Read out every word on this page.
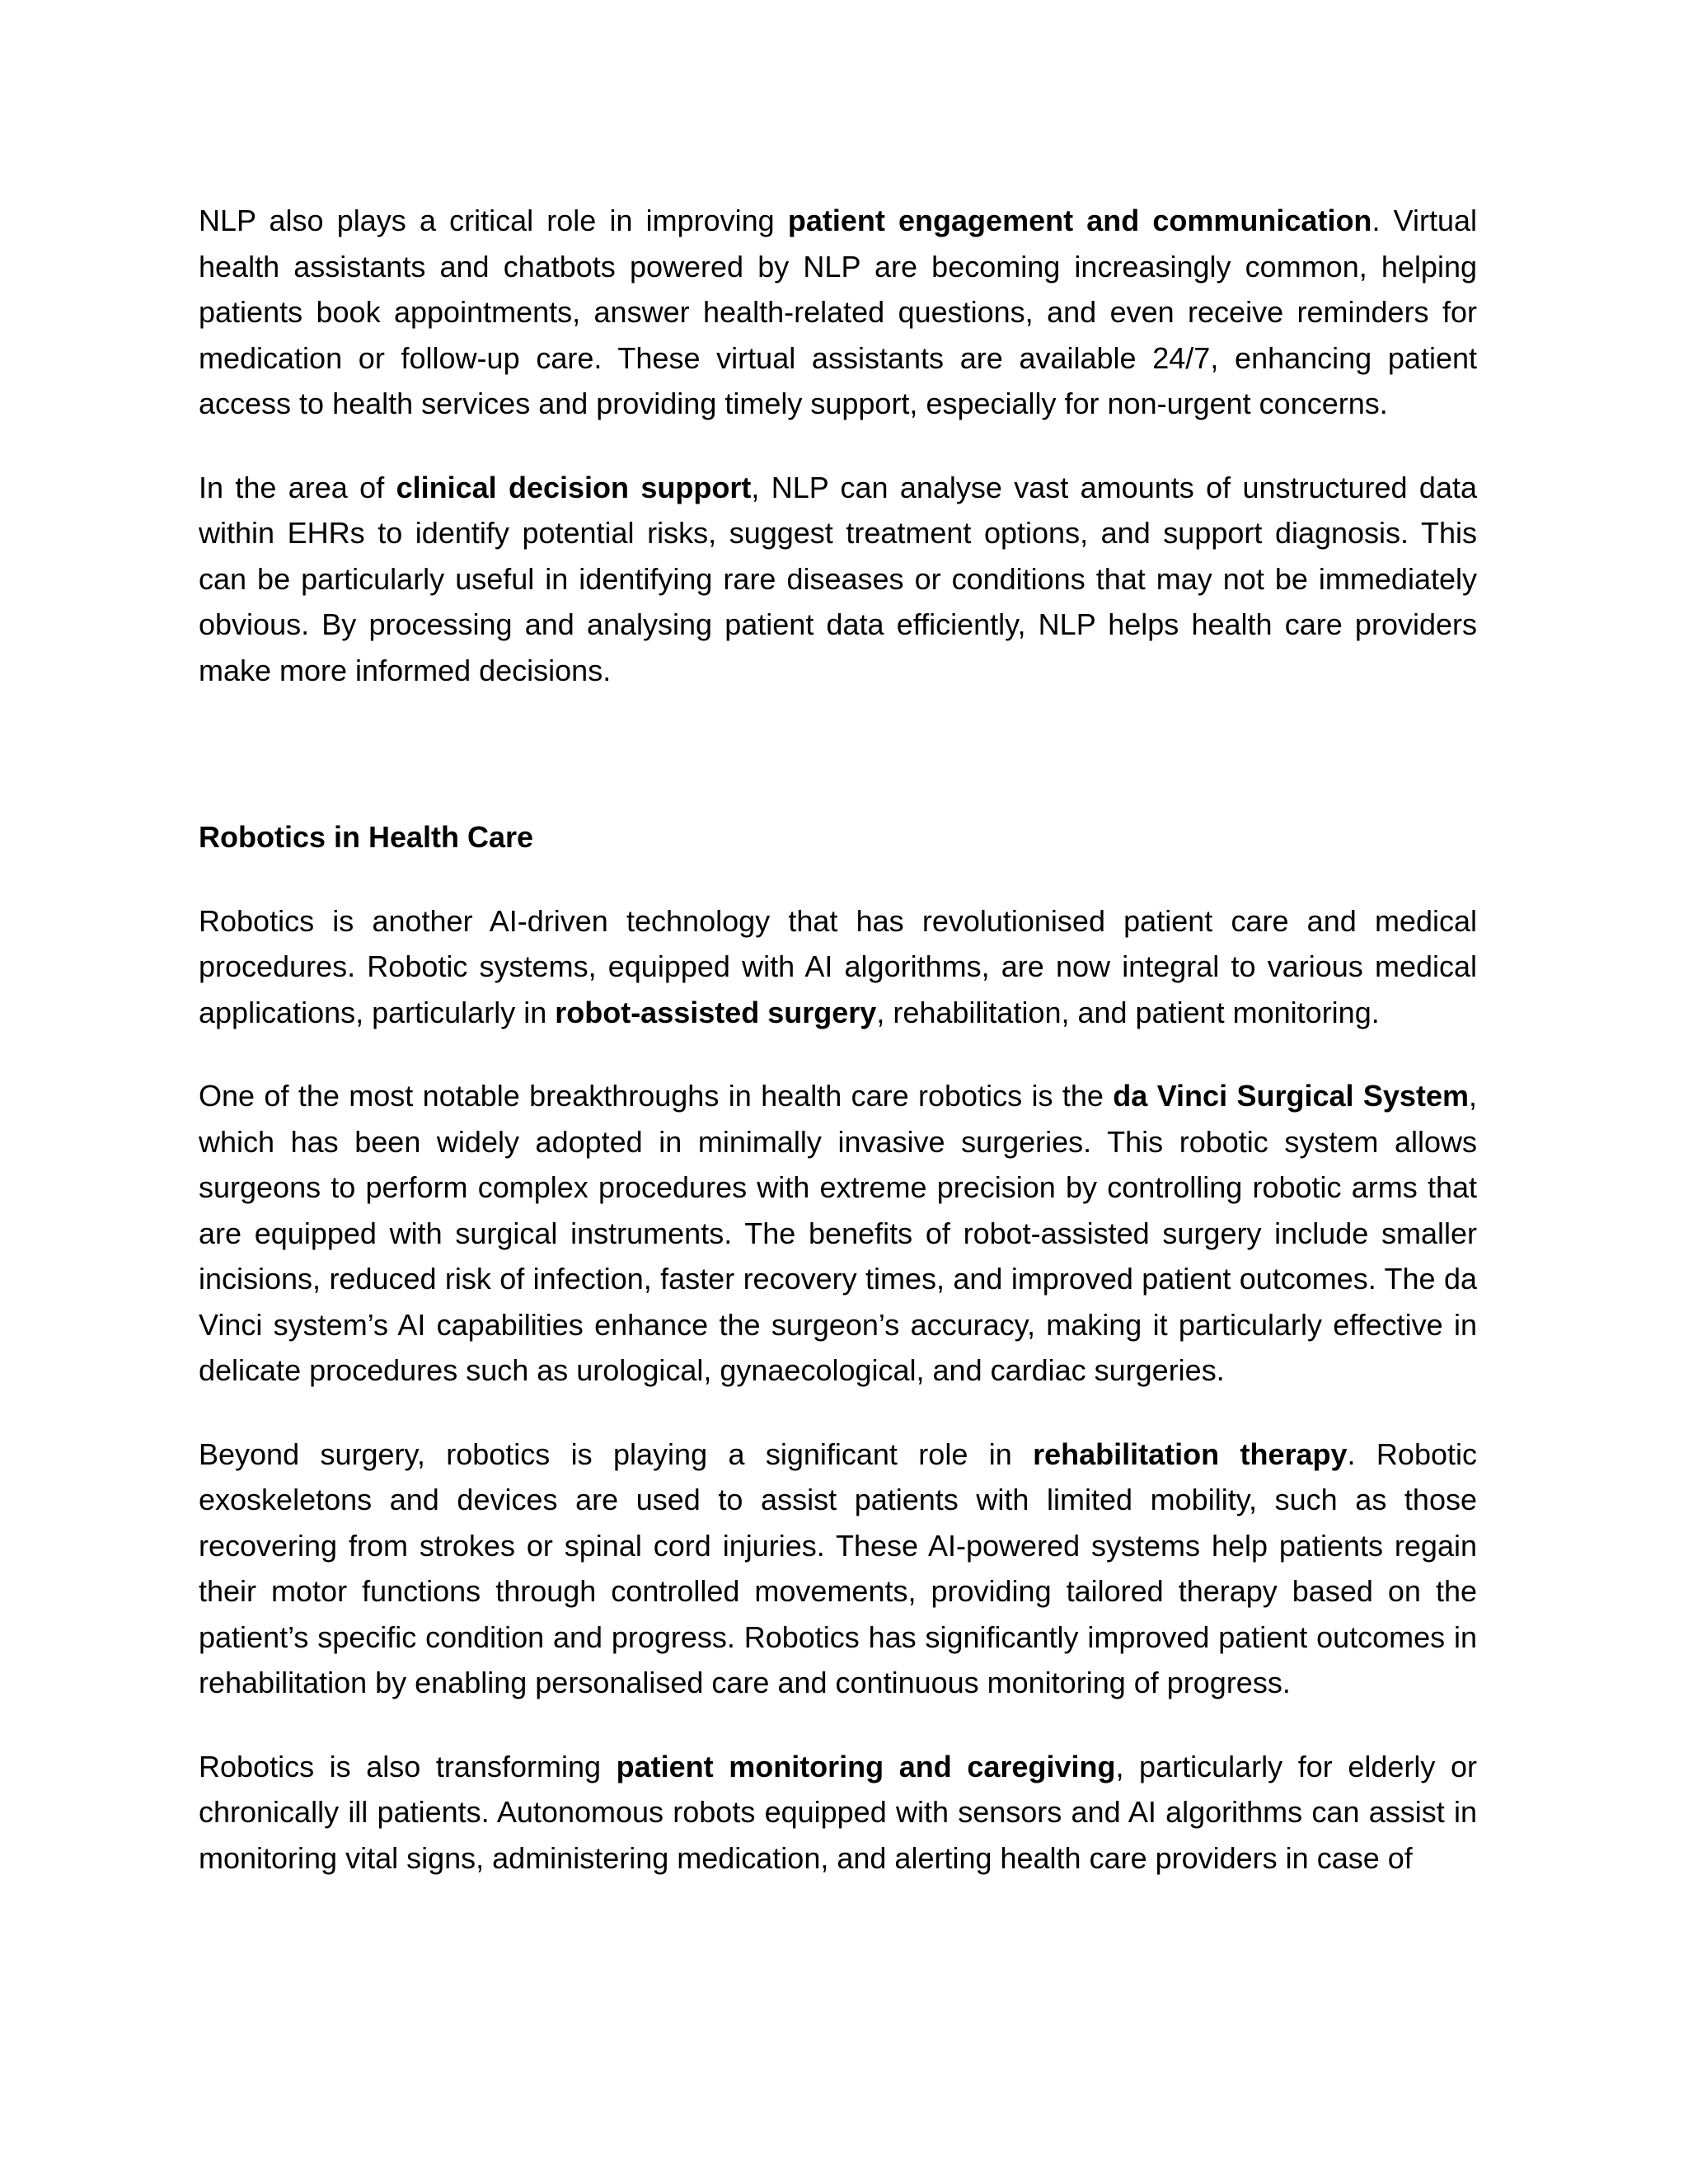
NLP also plays a critical role in improving patient engagement and communication. Virtual health assistants and chatbots powered by NLP are becoming increasingly common, helping patients book appointments, answer health-related questions, and even receive reminders for medication or follow-up care. These virtual assistants are available 24/7, enhancing patient access to health services and providing timely support, especially for non-urgent concerns.

In the area of clinical decision support, NLP can analyse vast amounts of unstructured data within EHRs to identify potential risks, suggest treatment options, and support diagnosis. This can be particularly useful in identifying rare diseases or conditions that may not be immediately obvious. By processing and analysing patient data efficiently, NLP helps health care providers make more informed decisions.

Robotics in Health Care

Robotics is another AI-driven technology that has revolutionised patient care and medical procedures. Robotic systems, equipped with AI algorithms, are now integral to various medical applications, particularly in robot-assisted surgery, rehabilitation, and patient monitoring.

One of the most notable breakthroughs in health care robotics is the da Vinci Surgical System, which has been widely adopted in minimally invasive surgeries. This robotic system allows surgeons to perform complex procedures with extreme precision by controlling robotic arms that are equipped with surgical instruments. The benefits of robot-assisted surgery include smaller incisions, reduced risk of infection, faster recovery times, and improved patient outcomes. The da Vinci system’s AI capabilities enhance the surgeon’s accuracy, making it particularly effective in delicate procedures such as urological, gynaecological, and cardiac surgeries.

Beyond surgery, robotics is playing a significant role in rehabilitation therapy. Robotic exoskeletons and devices are used to assist patients with limited mobility, such as those recovering from strokes or spinal cord injuries. These AI-powered systems help patients regain their motor functions through controlled movements, providing tailored therapy based on the patient’s specific condition and progress. Robotics has significantly improved patient outcomes in rehabilitation by enabling personalised care and continuous monitoring of progress.

Robotics is also transforming patient monitoring and caregiving, particularly for elderly or chronically ill patients. Autonomous robots equipped with sensors and AI algorithms can assist in monitoring vital signs, administering medication, and alerting health care providers in case of
